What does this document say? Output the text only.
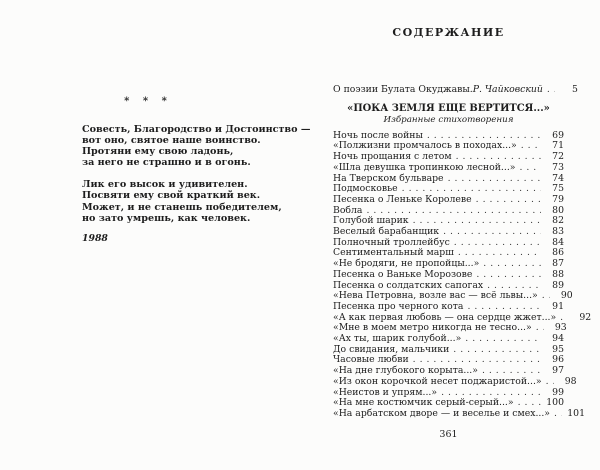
* * *
Совесть, Благородство и Достоинство —
вот оно, святое наше воинство.
Протяни ему свою ладонь,
за него не страшно и в огонь.
Лик его высок и удивителен.
Посвяти ему свой краткий век.
Может, и не станешь победителем,
но зато умрешь, как человек.
1988
СОДЕРЖАНИЕ
О поэзии Булата Окуджавы. Р. Чайковский . . .	5
«ПОКА ЗЕМЛЯ ЕЩЕ ВЕРТИТСЯ...»
Избранные стихотворения
Ночь после войны . . .	69
«Полжизни промчалось в походах...» . . .	71
Ночь прощания с летом . . .	72
«Шла девушка тропинкою лесной...» . . .	73
На Тверском бульваре . . .	74
Подмосковье . . .	75
Песенка о Леньке Королеве . . .	79
Вобла . . .	80
Голубой шарик . . .	82
Веселый барабанщик . . .	83
Полночный троллейбус . . .	84
Сентиментальный марш . . .	86
«Не бродяги, не пропойцы...» . . .	87
Песенка о Ваньке Морозове . . .	88
Песенка о солдатских сапогах . . .	89
«Нева Петровна, возле вас — всё львы...» . . .	90
Песенка про черного кота . . .	91
«А как первая любовь — она сердце жжет...» . . .	92
«Мне в моем метро никогда не тесно...» . . .	93
«Ах ты, шарик голубой...» . . .	94
До свидания, мальчики . . .	95
Часовые любви . . .	96
«На дне глубокого корыта...» . . .	97
«Из окон корочкой несет поджаристой...» . . .	98
«Неистов и упрям...» . . .	99
«На мне костюмчик серый-серый...» . . .	100
«На арбатском дворе — и веселье и смех...» . . . 101
361
